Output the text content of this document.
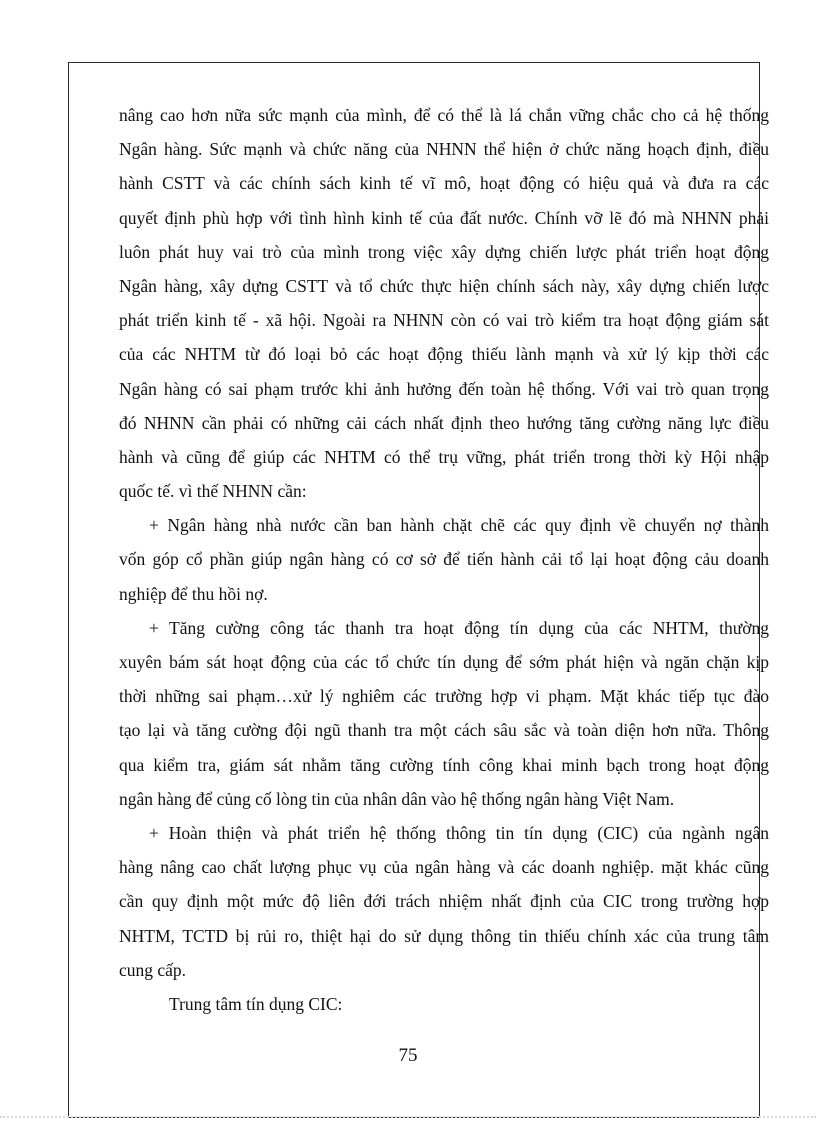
nâng cao hơn nữa sức mạnh của mình, để có thể là lá chắn vững chắc cho cả hệ thống
Ngân hàng. Sức mạnh và chức năng của NHNN thể hiện ở chức năng hoạch định, điều
hành CSTT và các chính sách kinh tế vĩ mô, hoạt động có hiệu quả và đưa ra các
quyết định phù hợp với tình hình kinh tế của đất nước. Chính vỡ lẽ đó mà NHNN phải
luôn phát huy vai trò của mình trong việc xây dựng chiến lược phát triển hoạt động
Ngân hàng, xây dựng CSTT và tổ chức thực hiện chính sách này, xây dựng chiến lược
phát triển kinh tế - xã hội. Ngoài ra NHNN còn có vai trò kiểm tra hoạt động giám sát
của các NHTM từ đó loại bỏ các hoạt động thiếu lành mạnh và xử lý kịp thời các
Ngân hàng có sai phạm trước khi ảnh hưởng đến toàn hệ thống. Với vai trò quan trọng
đó NHNN cần phải có những cải cách nhất định theo hướng tăng cường năng lực điều
hành và cũng để giúp các NHTM có thể trụ vững, phát triển trong thời kỳ Hội nhập
quốc tế. vì thế NHNN cần:
+ Ngân hàng nhà nước cần ban hành chặt chẽ các quy định về chuyển nợ thành
vốn góp cổ phần giúp ngân hàng có cơ sở để tiến hành cải tổ lại hoạt động cảu doanh
nghiệp để thu hồi nợ.
+ Tăng cường công tác thanh tra hoạt động tín dụng của các NHTM, thường
xuyên bám sát hoạt động của các tổ chức tín dụng để sớm phát hiện và ngăn chặn kịp
thời những sai phạm…xử lý nghiêm các trường hợp vi phạm. Mặt khác tiếp tục đào
tạo lại và tăng cường đội ngũ thanh tra một cách sâu sắc và toàn diện hơn nữa. Thông
qua kiểm tra, giám sát nhằm tăng cường tính công khai minh bạch trong hoạt động
ngân hàng để củng cố lòng tin của nhân dân vào hệ thống ngân hàng Việt Nam.
+ Hoàn thiện và phát triển hệ thống thông tin tín dụng (CIC) của ngành ngân
hàng nâng cao chất lượng phục vụ của ngân hàng và các doanh nghiệp. mặt khác cũng
cần quy định một mức độ liên đới trách nhiệm nhất định của CIC trong trường hợp
NHTM, TCTD bị rủi ro, thiệt hại do sử dụng thông tin thiếu chính xác của trung tâm
cung cấp.
Trung tâm tín dụng CIC:
75
